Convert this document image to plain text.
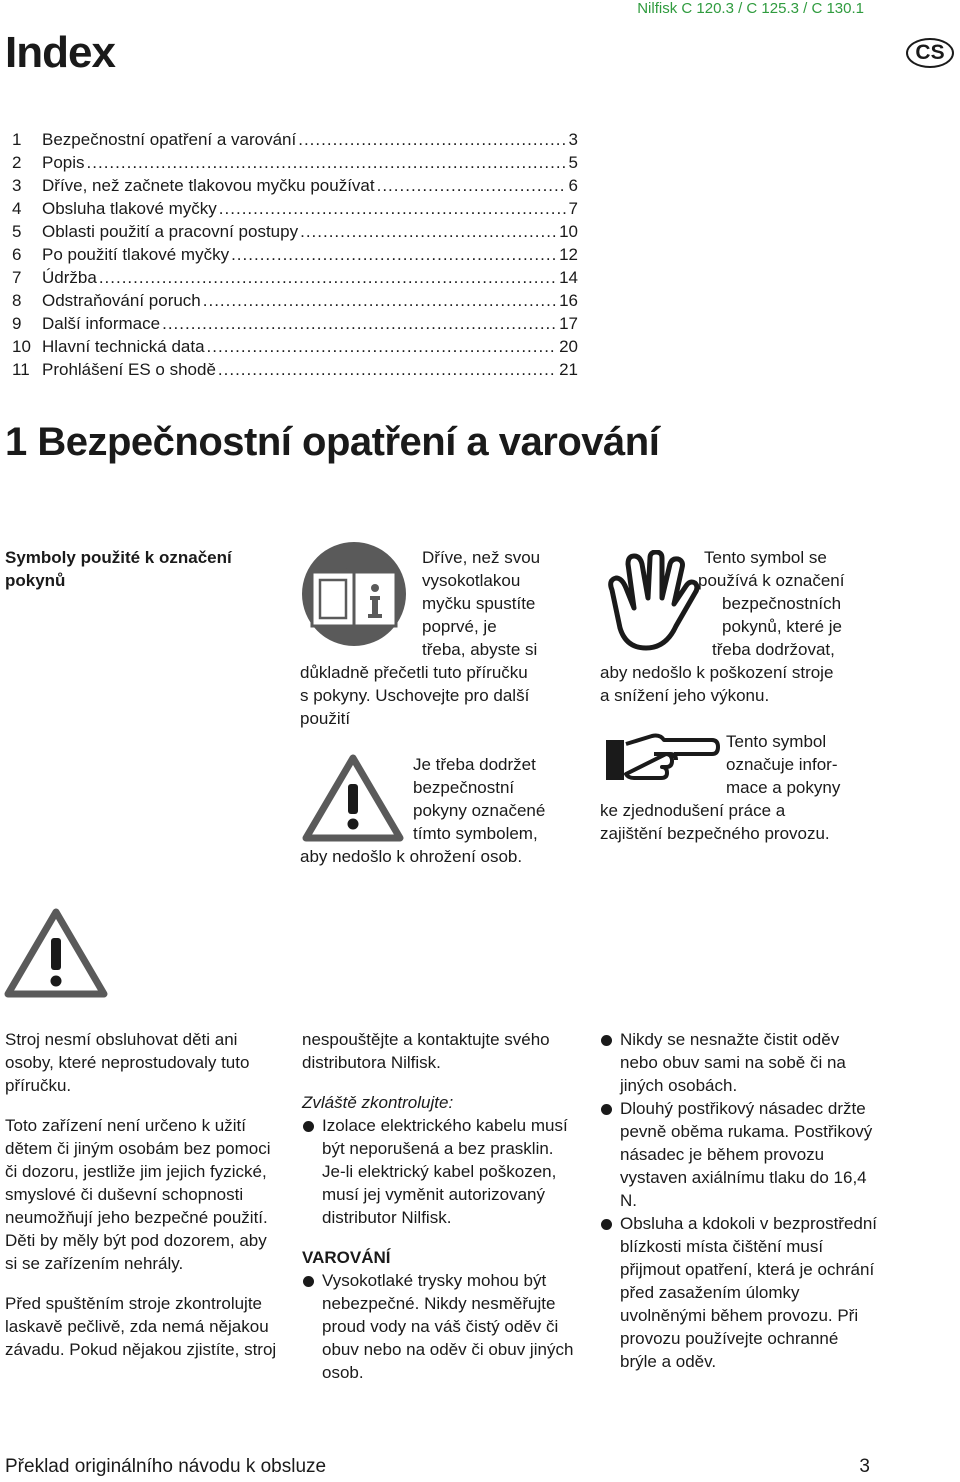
Nilfisk C 120.3 / C 125.3 / C 130.1
Index	CS
1	Bezpečnostní opatření a varování .....	3
2	Popis .....	5
3	Dříve, než začnete tlakovou myčku používat .....	6
4	Obsluha tlakové myčky .....	7
5	Oblasti použití a pracovní postupy .....	10
6	Po použití tlakové myčky .....	12
7	Údržba .....	14
8	Odstraňování poruch .....	16
9	Další informace .....	17
10 Hlavní technická data .....	20
11 Prohlášení ES o shodě .....	21
1 Bezpečnostní opatření a varování
Symboly použité k označení pokynů
Dříve, než svou
vysokotlakou
myčku spustíte
poprvé, je
třeba, abyste si
důkladně přečetli tuto příručku
s pokyny. Uschovejte pro další
použití
Je třeba dodržet
bezpečnostní
pokyny označené
tímto symbolem,
aby nedošlo k ohrožení osob.
Tento symbol se
používá k označení
bezpečnostních
pokynů, které je
třeba dodržovat,
aby nedošlo k poškození stroje
a snížení jeho výkonu.
Tento symbol
označuje infor-
mace a pokyny
ke zjednodušení práce a
zajištění bezpečného provozu.

Stroj nesmí obsluhovat děti ani osoby, které neprostudovaly tuto příručku.

Toto zařízení není určeno k užití dětem či jiným osobám bez pomoci či dozoru, jestliže jim jejich fyzické, smyslové či duševní schopnosti neumožňují jeho bezpečné použití. Děti by měly být pod dozorem, aby si se zařízením nehrály.

Před spuštěním stroje zkontrolujte laskavě pečlivě, zda nemá nějakou závadu. Pokud nějakou zjistíte, stroj

nespouštějte a kontaktujte svého distributora Nilfisk.

Zvláště zkontrolujte:
Izolace elektrického kabelu musí být neporušená a bez prasklin. Je-li elektrický kabel poškozen, musí jej vyměnit autorizovaný distributor Nilfisk.
VAROVÁNÍ
Vysokotlaké trysky mohou být nebezpečné. Nikdy nesměřujte proud vody na váš čistý oděv či obuv nebo na oděv či obuv jiných osob.
Nikdy se nesnažte čistit oděv nebo obuv sami na sobě či na jiných osobách.
Dlouhý postřikový násadec držte pevně oběma rukama. Postřikový násadec je během provozu vystaven axiálnímu tlaku do 16,4 N.
Obsluha a kdokoli v bezprostřední blízkosti místa čištění musí přijmout opatření, která je ochrání před zasažením úlomky uvolněnými během provozu. Při provozu používejte ochranné brýle a oděv.
Překlad originálního návodu k obsluze	3
